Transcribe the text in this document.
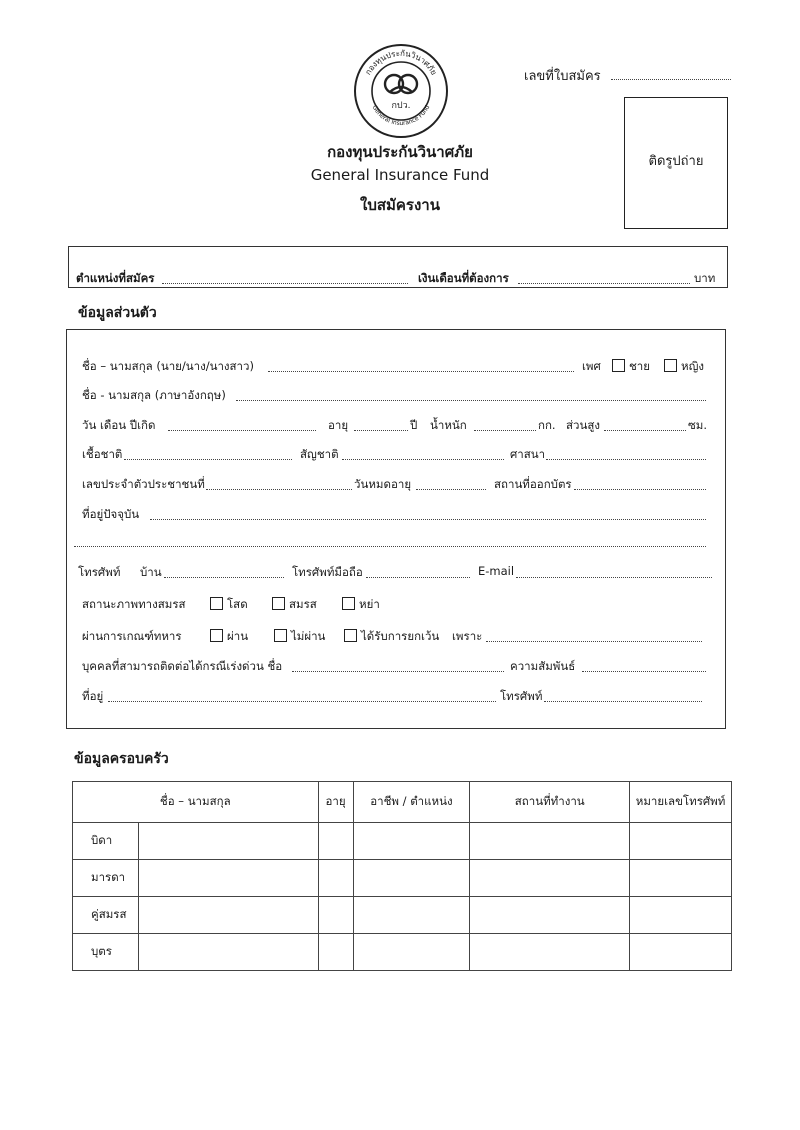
กองทุนประกันวินาศภัย
General Insurance Fund
กปว.
เลขที่ใบสมัคร
ติดรูปถ่าย
กองทุนประกันวินาศภัย
General Insurance Fund
ใบสมัครงาน
ตำแหน่งที่สมัคร	เงินเดือนที่ต้องการ	บาท
ข้อมูลส่วนตัว
ชื่อ – นามสกุล (นาย/นาง/นางสาว)	เพศ	ชาย	หญิง
ชื่อ - นามสกุล (ภาษาอังกฤษ)
วัน เดือน ปีเกิด	อายุ	ปี น้ำหนัก	กก. ส่วนสูง	ซม.
เชื้อชาติ	สัญชาติ	ศาสนา
เลขประจำตัวประชาชนที่	วันหมดอายุ	สถานที่ออกบัตร
ที่อยู่ปัจจุบัน
โทรศัพท์ บ้าน	โทรศัพท์มือถือ	E-mail
สถานะภาพทางสมรส	โสด	สมรส	หย่า
ผ่านการเกณฑ์ทหาร	ผ่าน	ไม่ผ่าน	ได้รับการยกเว้น เพราะ
บุคคลที่สามารถติดต่อได้กรณีเร่งด่วน ชื่อ	ความสัมพันธ์
ที่อยู่	โทรศัพท์
ข้อมูลครอบครัว
ชื่อ – นามสกุล		อายุ	อาชีพ / ตำแหน่ง	สถานที่ทำงาน	หมายเลขโทรศัพท์
บิดา					
มารดา					
คู่สมรส					
บุตร					
